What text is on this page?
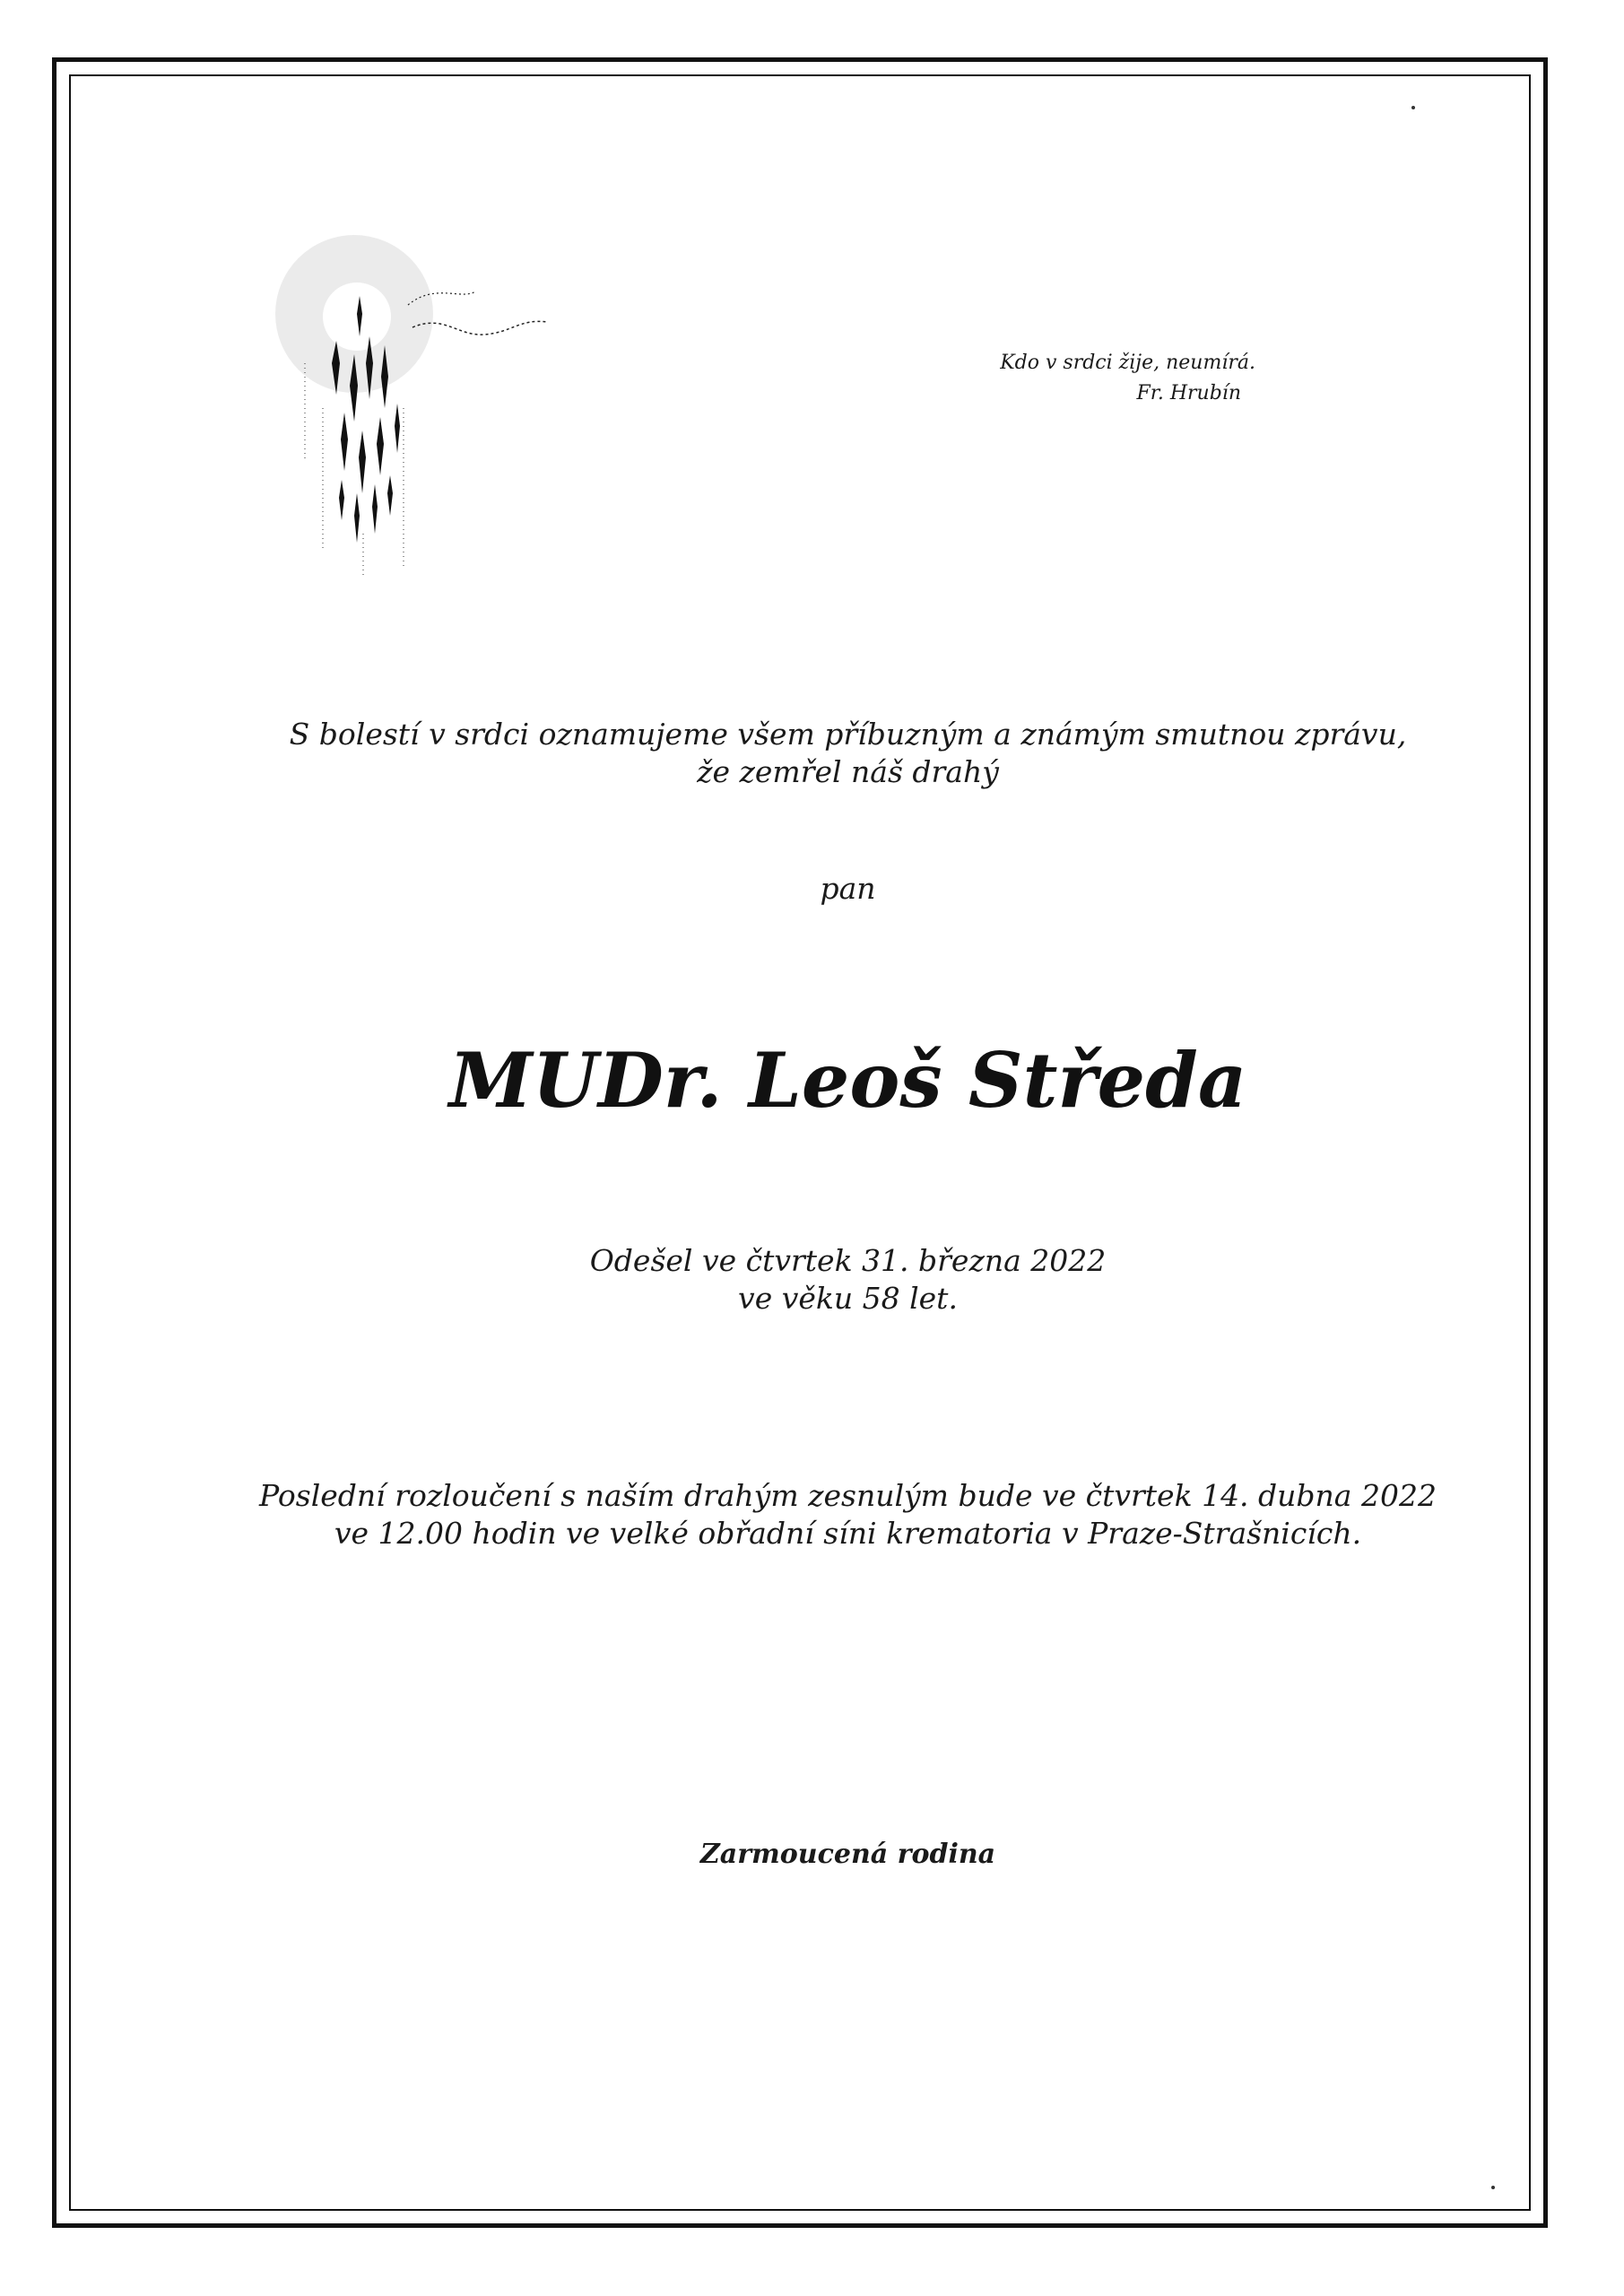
Kdo v srdci žije, neumírá.
Fr. Hrubín
S bolestí v srdci oznamujeme všem příbuzným a známým smutnou zprávu,
že zemřel náš drahý
pan
MUDr. Leoš Středa
Odešel ve čtvrtek 31. března 2022
ve věku 58 let.
Poslední rozloučení s naším drahým zesnulým bude ve čtvrtek 14. dubna 2022
ve 12.00 hodin ve velké obřadní síni krematoria v Praze-Strašnicích.
Zarmoucená rodina
